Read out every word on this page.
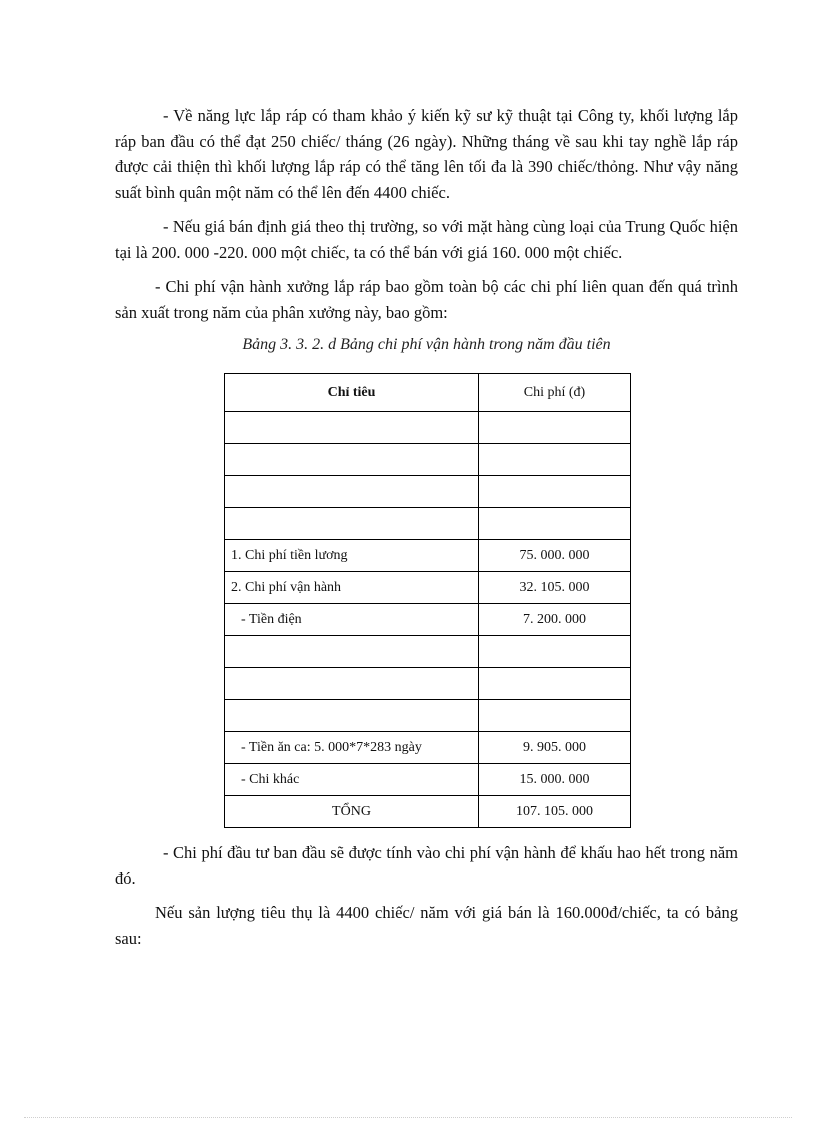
- Về năng lực lắp ráp có tham khảo ý kiến kỹ sư kỹ thuật tại Công ty, khối lượng lắp ráp ban đầu có thể đạt 250 chiếc/ tháng (26 ngày). Những tháng về sau khi tay nghề lắp ráp được cải thiện thì khối lượng lắp ráp có thể tăng lên tối đa là 390 chiếc/thỏng. Như vậy năng suất bình quân một năm có thể lên đến 4400 chiếc.

- Nếu giá bán định giá theo thị trường, so với mặt hàng cùng loại của Trung Quốc hiện tại là 200. 000 -220. 000 một chiếc, ta có thể bán với giá 160. 000 một chiếc.

- Chi phí vận hành xưởng lắp ráp bao gồm toàn bộ các chi phí liên quan đến quá trình sản xuất trong năm của phân xưởng này, bao gồm:

Bảng 3. 3. 2. d Bảng chi phí vận hành trong năm đầu tiên
Chỉ tiêu	Chi phí (đ)

1. Chi phí tiền lương	75. 000. 000
2. Chi phí vận hành	32. 105. 000
- Tiền điện	7. 200. 000

- Tiền ăn ca: 5. 000*7*283 ngày	9. 905. 000
- Chi khác	15. 000. 000
TỔNG	107. 105. 000

- Chi phí đầu tư ban đầu sẽ được tính vào chi phí vận hành để khấu hao hết trong năm đó.

Nếu sản lượng tiêu thụ là 4400 chiếc/ năm với giá bán là 160.000đ/chiếc, ta có bảng sau:
